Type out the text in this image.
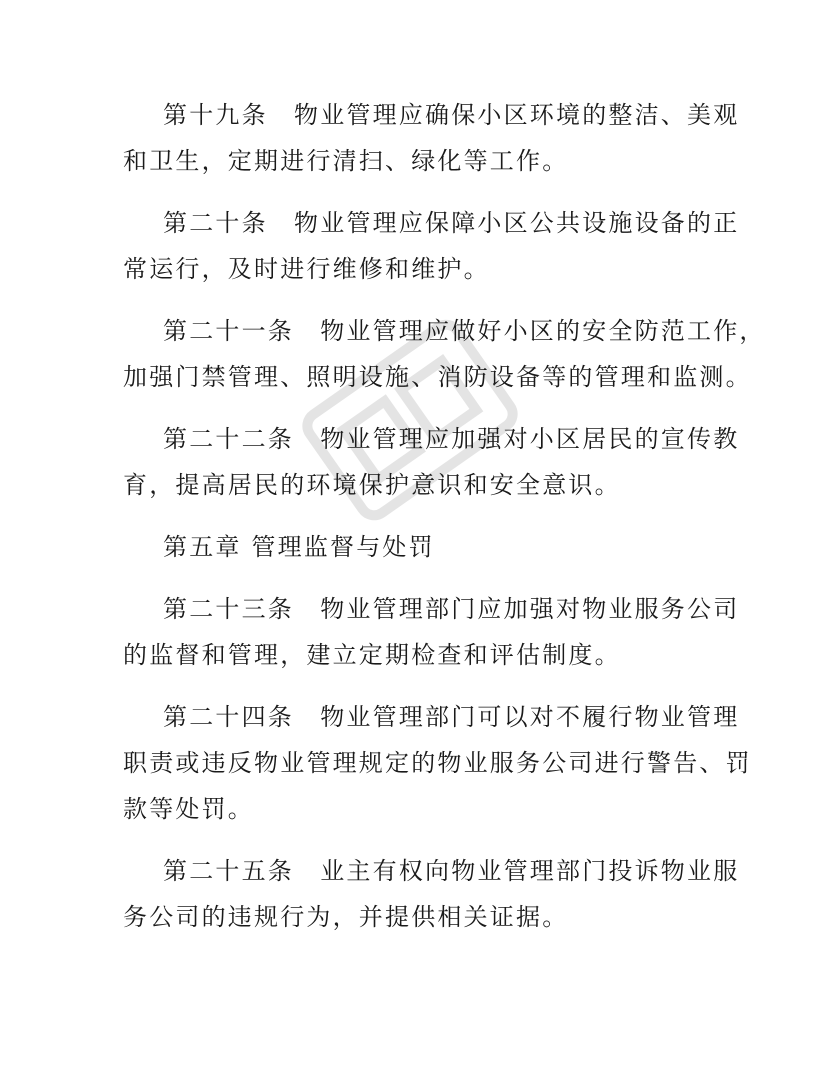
第十九条　物业管理应确保小区环境的整洁、美观
和卫生，定期进行清扫、绿化等工作。
第二十条　物业管理应保障小区公共设施设备的正
常运行，及时进行维修和维护。
第二十一条　物业管理应做好小区的安全防范工作，
加强门禁管理、照明设施、消防设备等的管理和监测。
第二十二条　物业管理应加强对小区居民的宣传教
育，提高居民的环境保护意识和安全意识。
第五章 管理监督与处罚
第二十三条　物业管理部门应加强对物业服务公司
的监督和管理，建立定期检查和评估制度。
第二十四条　物业管理部门可以对不履行物业管理
职责或违反物业管理规定的物业服务公司进行警告、罚
款等处罚。
第二十五条　业主有权向物业管理部门投诉物业服
务公司的违规行为，并提供相关证据。
